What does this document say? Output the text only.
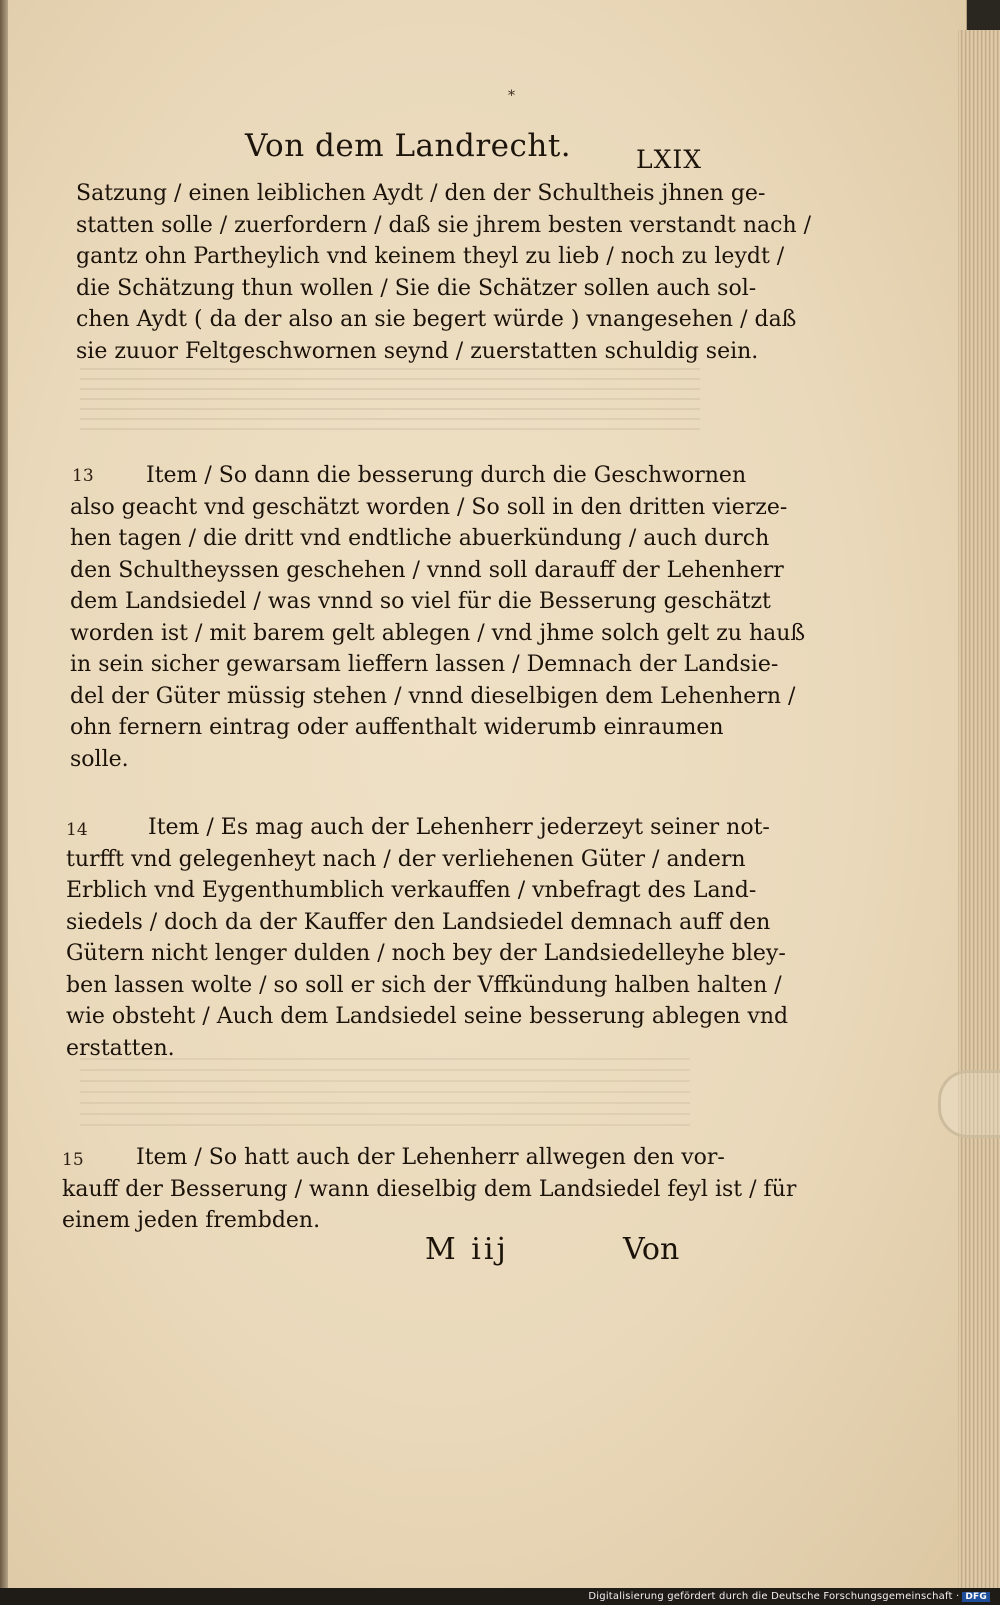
*
Von dem Landrecht.	LXIX
Satzung / einen leiblichen Aydt / den der Schultheis jhnen ge-
statten solle / zuerfordern / daß sie jhrem besten verstandt nach /
gantz ohn Partheylich vnd keinem theyl zu lieb / noch zu leydt /
die Schätzung thun wollen / Sie die Schätzer sollen auch sol-
chen Aydt ( da der also an sie begert würde ) vnangesehen / daß
sie zuuor Feltgeschwornen seynd / zuerstatten schuldig sein.
13	Item / So dann die besserung durch die Geschwornen
also geacht vnd geschätzt worden / So soll in den dritten vierze-
hen tagen / die dritt vnd endtliche abuerkündung / auch durch
den Schultheyssen geschehen / vnnd soll darauff der Lehenherr
dem Landsiedel / was vnnd so viel für die Besserung geschätzt
worden ist / mit barem gelt ablegen / vnd jhme solch gelt zu hauß
in sein sicher gewarsam lieffern lassen / Demnach der Landsie-
del der Güter müssig stehen / vnnd dieselbigen dem Lehenhern /
ohn fernern eintrag oder auffenthalt widerumb einraumen
solle.
14	Item / Es mag auch der Lehenherr jederzeyt seiner not-
turfft vnd gelegenheyt nach / der verliehenen Güter / andern
Erblich vnd Eygenthumblich verkauffen / vnbefragt des Land-
siedels / doch da der Kauffer den Landsiedel demnach auff den
Gütern nicht lenger dulden / noch bey der Landsiedelleyhe bley-
ben lassen wolte / so soll er sich der Vffkündung halben halten /
wie obsteht / Auch dem Landsiedel seine besserung ablegen vnd
erstatten.
15	Item / So hatt auch der Lehenherr allwegen den vor-
kauff der Besserung / wann dieselbig dem Landsiedel feyl ist / für
einem jeden frembden.
M iij	Von
Digitalisierung gefördert durch die Deutsche Forschungsgemeinschaft · DFG
